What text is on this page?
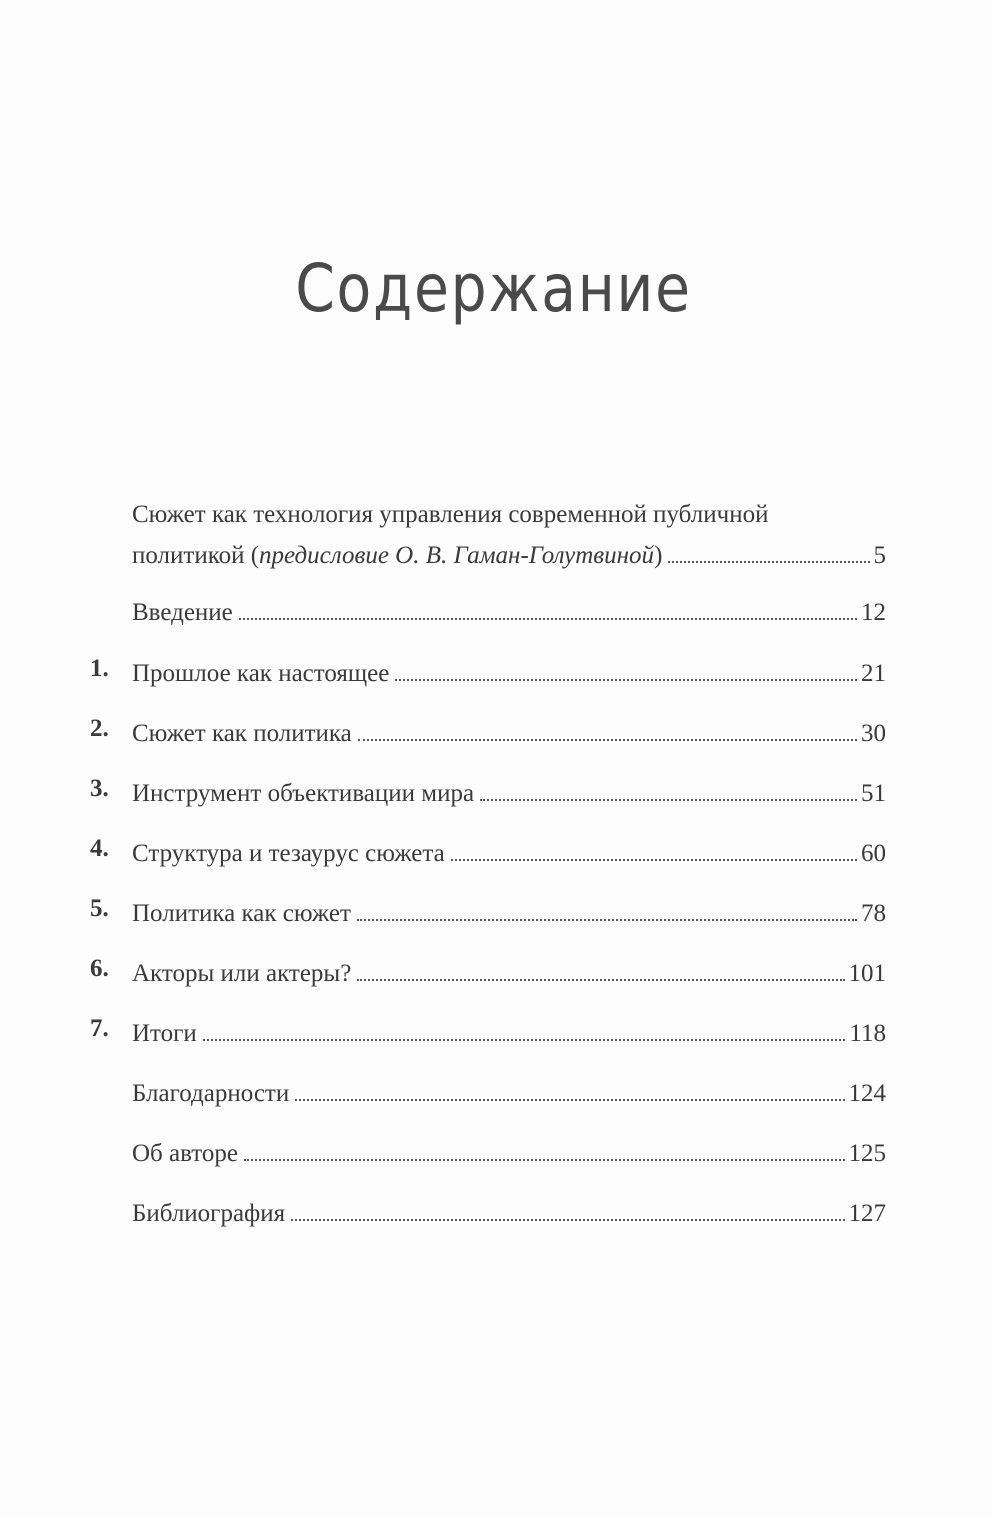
Содержание
Сюжет как технология управления современной публичной
политикой (предисловие О. В. Гаман-Голутвиной)	5
Введение	12
1. Прошлое как настоящее	21
2. Сюжет как политика	30
3. Инструмент объективации мира	51
4. Структура и тезаурус сюжета	60
5. Политика как сюжет	78
6. Акторы или актеры?	101
7. Итоги	118
Благодарности	124
Об авторе	125
Библиография	127
